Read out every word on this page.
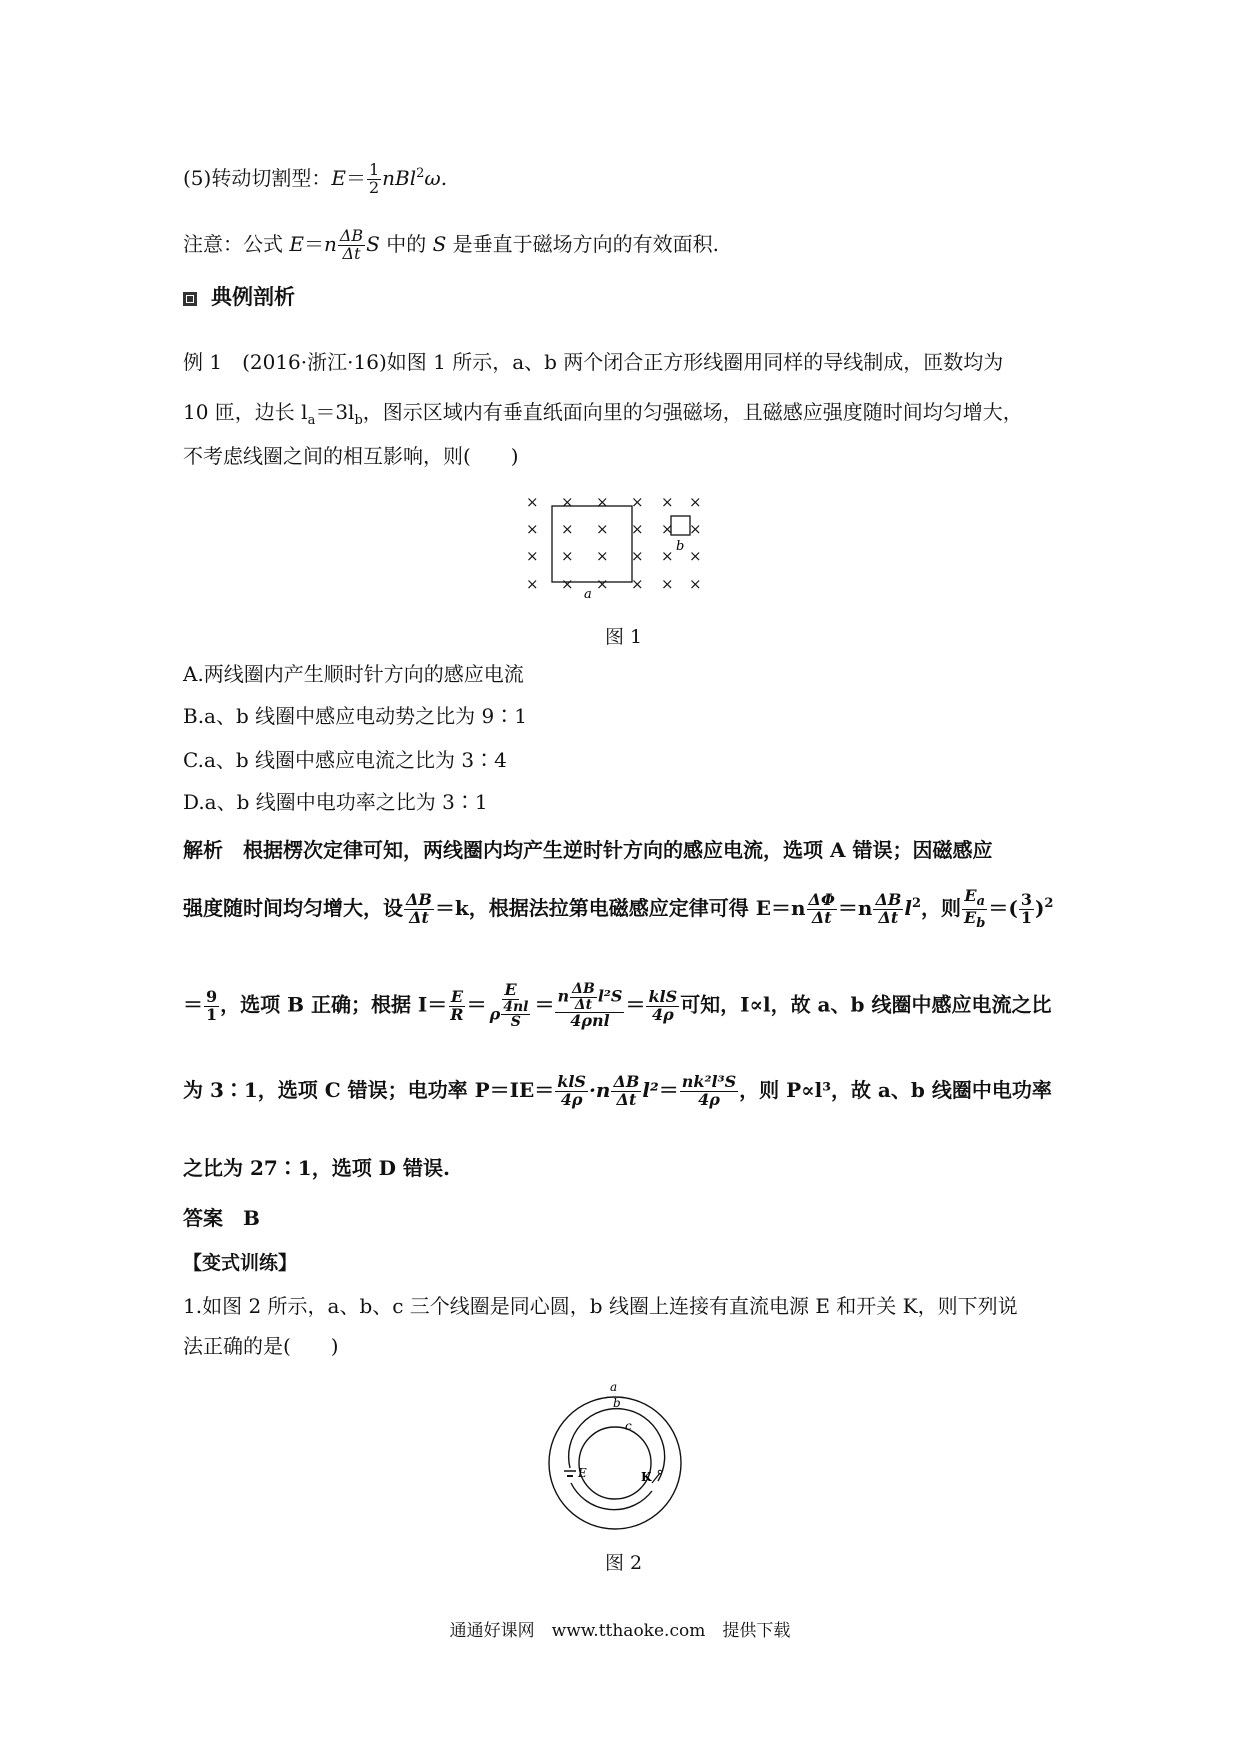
(5)转动切割型：$E= \frac{1}{2} nBl^2\omega$.
注意：公式 $E=n \frac{\Delta B}{\Delta t}$ S 中的 S 是垂直于磁场方向的有效面积.
典例剖析
例 1　(2016·浙江·16)如图 1 所示，a、b 两个闭合正方形线圈用同样的导线制成，匝数均为
10 匝，边长 $l_a=3l_b$，图示区域内有垂直纸面向里的匀强磁场，且磁感应强度随时间均匀增大，
不考虑线圈之间的相互影响，则(　　)
× × × × × ×
× × × × × ×
× × × × × ×
× × × × × ×
a
b
图 1
A.两线圈内产生顺时针方向的感应电流
B.a、b 线圈中感应电动势之比为 9∶1
C.a、b 线圈中感应电流之比为 3∶4
D.a、b 线圈中电功率之比为 3∶1
解析　根据楞次定律可知，两线圈内均产生逆时针方向的感应电流，选项 A 错误；因磁感应
强度随时间均匀增大，设 $\frac{\Delta B}{\Delta t} =k$，根据法拉第电磁感应定律可得 $E=n \frac{\Delta\Phi}{\Delta t} =n \frac{\Delta B}{\Delta t} l^2$，则 $\frac{E_a}{E_b}$ ＝( $\frac{3}{1} )^2$
＝ $\frac{9}{1}$ ，选项 B 正确；根据 $I= \frac{E}{R} = \frac{E}{\rho \frac{4nl}{S}} = \frac{n \frac{\Delta B}{\Delta t} l^2S}{\text{4ρnl}} = \frac{\text{klS}}{4\rho}$ 可知，I∝l，故 a、b 线圈中感应电流之比
为 3∶1，选项 C 错误；电功率 $P=IE= \frac{\text{klS}}{4\rho} \cdot n \frac{\Delta B}{\Delta t} l^2= \frac{\text{nk²l³S}}{4\rho}$ ，则 P∝l³，故 a、b 线圈中电功率
之比为 27∶1，选项 D 错误.
答案　B
【变式训练】
1.如图 2 所示，a、b、c 三个线圈是同心圆，b 线圈上连接有直流电源 E 和开关 K，则下列说
法正确的是(　　)
a
b
c
E	K
图 2
通通好课网　www.tthaoke.com　提供下载
